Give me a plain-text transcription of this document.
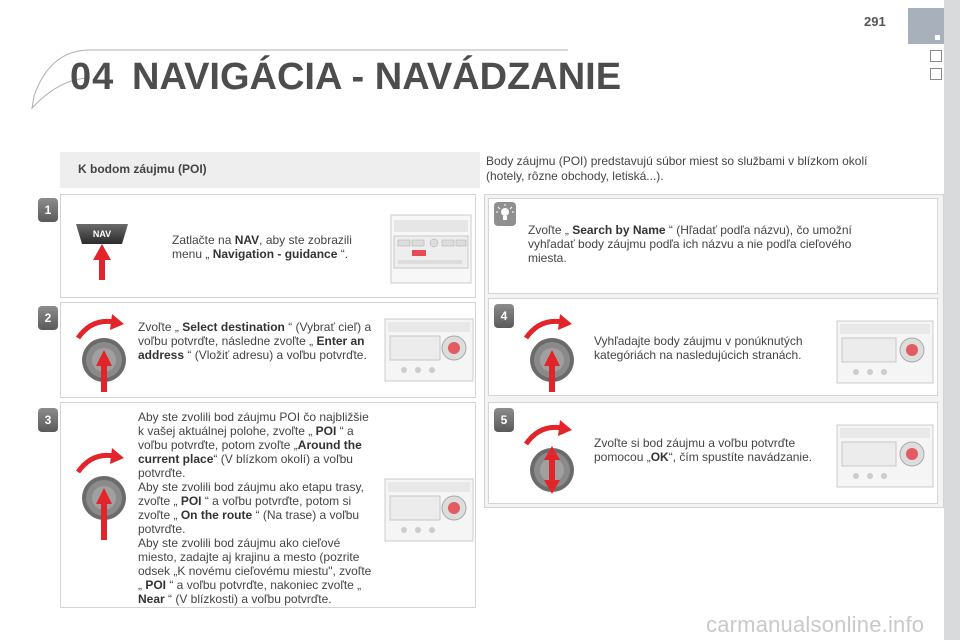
291
04 NAVIGÁCIA - NAVÁDZANIE
K bodom záujmu (POI)
Body záujmu (POI) predstavujú súbor miest so službami v blízkom okolí (hotely, rôzne obchody, letiská...).
1
NAV	Zatlačte na NAV, aby ste zobrazili menu „ Navigation - guidance “.
2
Zvoľte „ Select destination “ (Vybrať cieľ) a voľbu potvrďte, následne zvoľte „ Enter an address “ (Vložiť adresu) a voľbu potvrďte.
3	Aby ste zvolili bod záujmu POI čo najbližšie k vašej aktuálnej polohe, zvoľte „ POI “ a voľbu potvrďte, potom zvoľte „Around the current place“ (V blízkom okolí) a voľbu potvrďte.
Aby ste zvolili bod záujmu ako etapu trasy, zvoľte „ POI “ a voľbu potvrďte, potom si zvoľte „ On the route “ (Na trase) a voľbu potvrďte.
Aby ste zvolili bod záujmu ako cieľové miesto, zadajte aj krajinu a mesto (pozrite odsek „K novému cieľovému miestu", zvoľte „ POI “ a voľbu potvrďte, nakoniec zvoľte „ Near “ (V blízkosti) a voľbu potvrďte.
Zvoľte „ Search by Name “ (Hľadať podľa názvu), čo umožní vyhľadať body záujmu podľa ich názvu a nie podľa cieľového miesta.
4
Vyhľadajte body záujmu v ponúknutých kategóriách na nasledujúcich stranách.
5
Zvoľte si bod záujmu a voľbu potvrďte pomocou „OK“, čím spustíte navádzanie.
carmanualsonline.info
